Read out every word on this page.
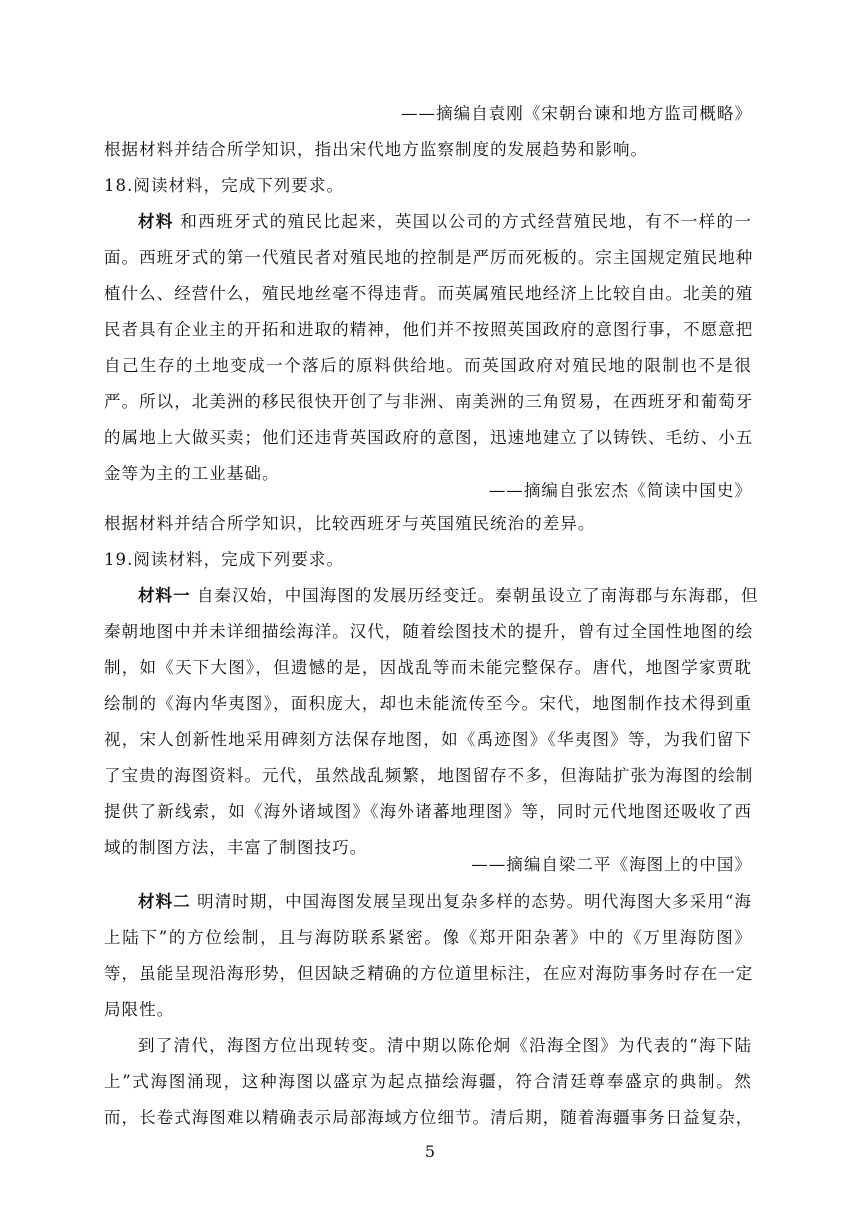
——摘编自袁刚《宋朝台谏和地方监司概略》
根据材料并结合所学知识，指出宋代地方监察制度的发展趋势和影响。
18.阅读材料，完成下列要求。
材料 和西班牙式的殖民比起来，英国以公司的方式经营殖民地，有不一样的一
面。西班牙式的第一代殖民者对殖民地的控制是严厉而死板的。宗主国规定殖民地种
植什么、经营什么，殖民地丝毫不得违背。而英属殖民地经济上比较自由。北美的殖
民者具有企业主的开拓和进取的精神，他们并不按照英国政府的意图行事，不愿意把
自己生存的土地变成一个落后的原料供给地。而英国政府对殖民地的限制也不是很
严。所以，北美洲的移民很快开创了与非洲、南美洲的三角贸易，在西班牙和葡萄牙
的属地上大做买卖；他们还违背英国政府的意图，迅速地建立了以铸铁、毛纺、小五
金等为主的工业基础。
——摘编自张宏杰《简读中国史》
根据材料并结合所学知识，比较西班牙与英国殖民统治的差异。
19.阅读材料，完成下列要求。
材料一 自秦汉始，中国海图的发展历经变迁。秦朝虽设立了南海郡与东海郡，但
秦朝地图中并未详细描绘海洋。汉代，随着绘图技术的提升，曾有过全国性地图的绘
制，如《天下大图》，但遗憾的是，因战乱等而未能完整保存。唐代，地图学家贾耽
绘制的《海内华夷图》，面积庞大，却也未能流传至今。宋代，地图制作技术得到重
视，宋人创新性地采用碑刻方法保存地图，如《禹迹图》《华夷图》等，为我们留下
了宝贵的海图资料。元代，虽然战乱频繁，地图留存不多，但海陆扩张为海图的绘制
提供了新线索，如《海外诸域图》《海外诸蕃地理图》等，同时元代地图还吸收了西
域的制图方法，丰富了制图技巧。
——摘编自梁二平《海图上的中国》
材料二 明清时期，中国海图发展呈现出复杂多样的态势。明代海图大多采用“海
上陆下”的方位绘制，且与海防联系紧密。像《郑开阳杂著》中的《万里海防图》
等，虽能呈现沿海形势，但因缺乏精确的方位道里标注，在应对海防事务时存在一定
局限性。
到了清代，海图方位出现转变。清中期以陈伦炯《沿海全图》为代表的“海下陆
上”式海图涌现，这种海图以盛京为起点描绘海疆，符合清廷尊奉盛京的典制。然
而，长卷式海图难以精确表示局部海域方位细节。清后期，随着海疆事务日益复杂，
5
